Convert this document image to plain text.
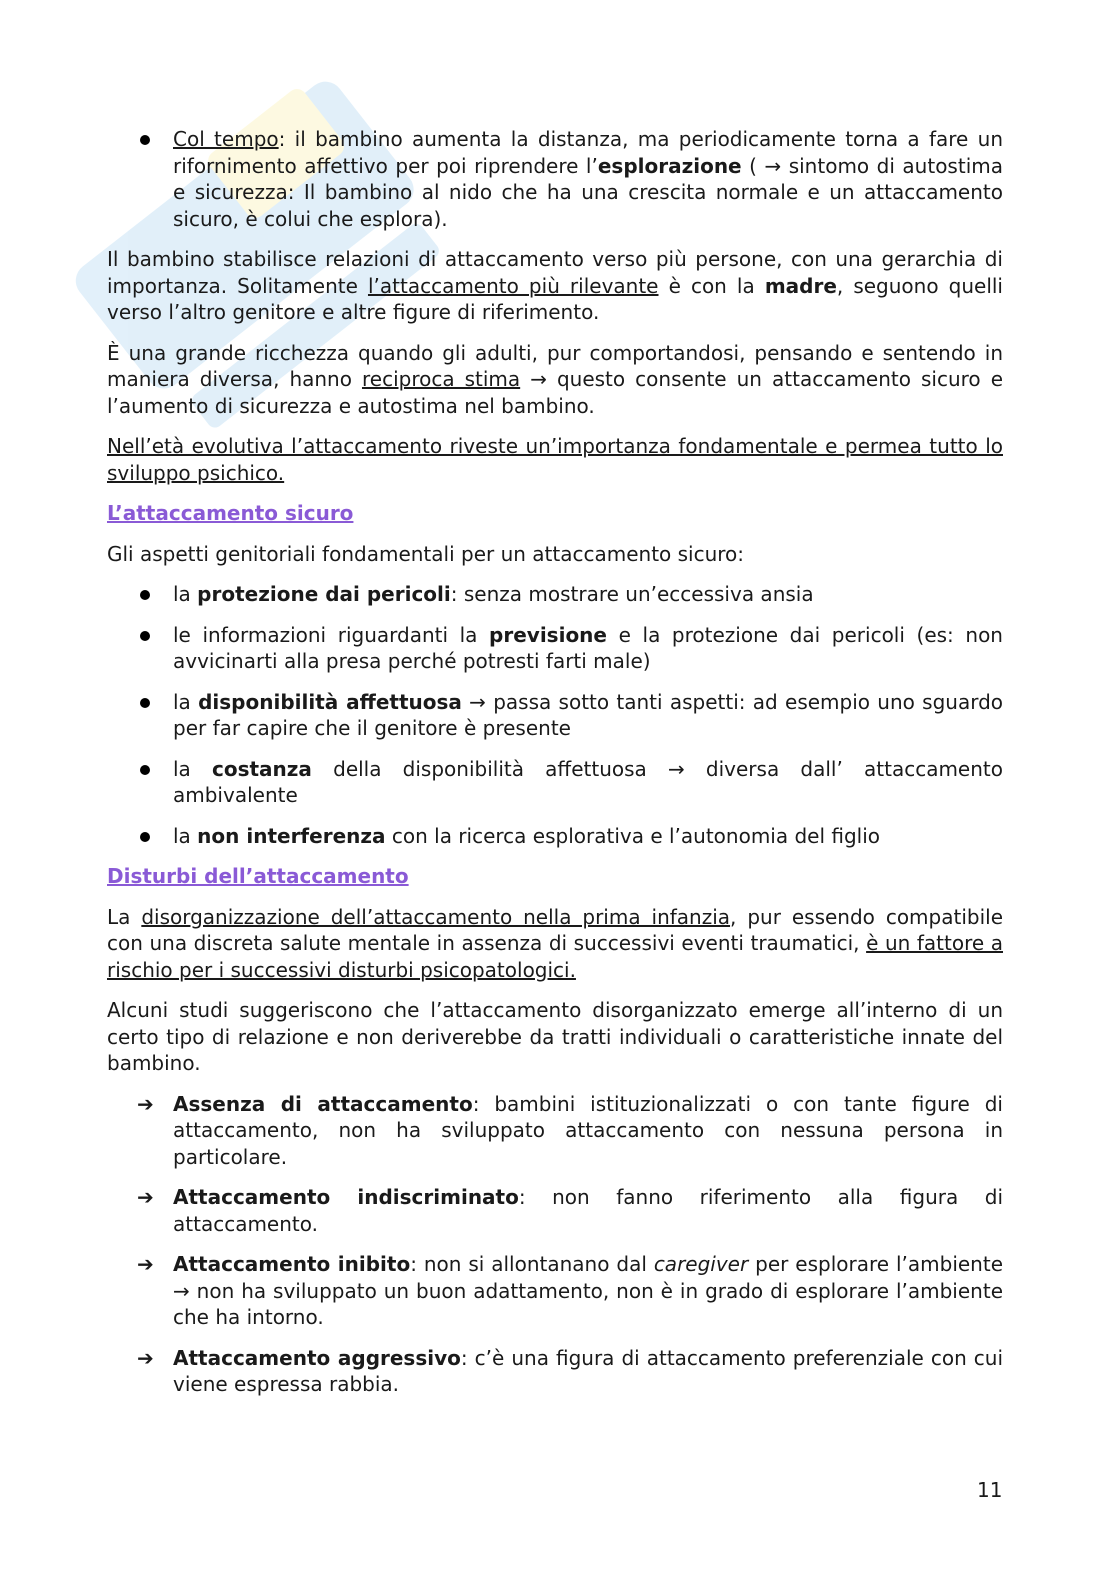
Col tempo: il bambino aumenta la distanza, ma periodicamente torna a fare un rifornimento affettivo per poi riprendere l’esplorazione ( → sintomo di autostima e sicurezza: Il bambino al nido che ha una crescita normale e un attaccamento sicuro, è colui che esplora).

Il bambino stabilisce relazioni di attaccamento verso più persone, con una gerarchia di importanza. Solitamente l’attaccamento più rilevante è con la madre, seguono quelli verso l’altro genitore e altre figure di riferimento.

È una grande ricchezza quando gli adulti, pur comportandosi, pensando e sentendo in maniera diversa, hanno reciproca stima → questo consente un attaccamento sicuro e l’aumento di sicurezza e autostima nel bambino.

Nell’età evolutiva l’attaccamento riveste un’importanza fondamentale e permea tutto lo sviluppo psichico.

L’attaccamento sicuro

Gli aspetti genitoriali fondamentali per un attaccamento sicuro:

la protezione dai pericoli: senza mostrare un’eccessiva ansia
le informazioni riguardanti la previsione e la protezione dai pericoli (es: non avvicinarti alla presa perché potresti farti male)
la disponibilità affettuosa → passa sotto tanti aspetti: ad esempio uno sguardo per far capire che il genitore è presente
la costanza della disponibilità affettuosa → diversa dall’ attaccamento ambivalente
la non interferenza con la ricerca esplorativa e l’autonomia del figlio

Disturbi dell’attaccamento

La disorganizzazione dell’attaccamento nella prima infanzia, pur essendo compatibile con una discreta salute mentale in assenza di successivi eventi traumatici, è un fattore a rischio per i successivi disturbi psicopatologici.

Alcuni studi suggeriscono che l’attaccamento disorganizzato emerge all’interno di un certo tipo di relazione e non deriverebbe da tratti individuali o caratteristiche innate del bambino.

➔ Assenza di attaccamento: bambini istituzionalizzati o con tante figure di attaccamento, non ha sviluppato attaccamento con nessuna persona in particolare.
➔ Attaccamento indiscriminato: non fanno riferimento alla figura di attaccamento.
➔ Attaccamento inibito: non si allontanano dal caregiver per esplorare l’ambiente → non ha sviluppato un buon adattamento, non è in grado di esplorare l’ambiente che ha intorno.
➔ Attaccamento aggressivo: c’è una figura di attaccamento preferenziale con cui viene espressa rabbia.
11
